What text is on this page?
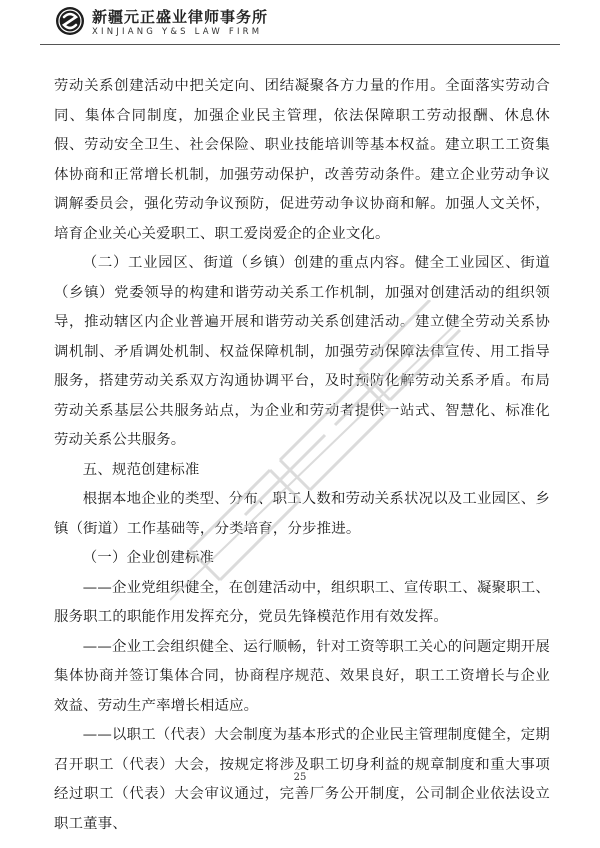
新疆元正盛业律师事务所
XINJIANG Y&S LAW FIRM

劳动关系创建活动中把关定向、团结凝聚各方力量的作用。全面落实劳动合同、集体合同制度，加强企业民主管理，依法保障职工劳动报酬、休息休假、劳动安全卫生、社会保险、职业技能培训等基本权益。建立职工工资集体协商和正常增长机制，加强劳动保护，改善劳动条件。建立企业劳动争议调解委员会，强化劳动争议预防，促进劳动争议协商和解。加强人文关怀，培育企业关心关爱职工、职工爱岗爱企的企业文化。

（二）工业园区、街道（乡镇）创建的重点内容。健全工业园区、街道（乡镇）党委领导的构建和谐劳动关系工作机制，加强对创建活动的组织领导，推动辖区内企业普遍开展和谐劳动关系创建活动。建立健全劳动关系协调机制、矛盾调处机制、权益保障机制，加强劳动保障法律宣传、用工指导服务，搭建劳动关系双方沟通协调平台，及时预防化解劳动关系矛盾。布局劳动关系基层公共服务站点，为企业和劳动者提供一站式、智慧化、标准化劳动关系公共服务。

五、规范创建标准

根据本地企业的类型、分布、职工人数和劳动关系状况以及工业园区、乡镇（街道）工作基础等，分类培育，分步推进。

（一）企业创建标准

——企业党组织健全，在创建活动中，组织职工、宣传职工、凝聚职工、服务职工的职能作用发挥充分，党员先锋模范作用有效发挥。

——企业工会组织健全、运行顺畅，针对工资等职工关心的问题定期开展集体协商并签订集体合同，协商程序规范、效果良好，职工工资增长与企业效益、劳动生产率增长相适应。

——以职工（代表）大会制度为基本形式的企业民主管理制度健全，定期召开职工（代表）大会，按规定将涉及职工切身利益的规章制度和重大事项经过职工（代表）大会审议通过，完善厂务公开制度，公司制企业依法设立职工董事、

25
